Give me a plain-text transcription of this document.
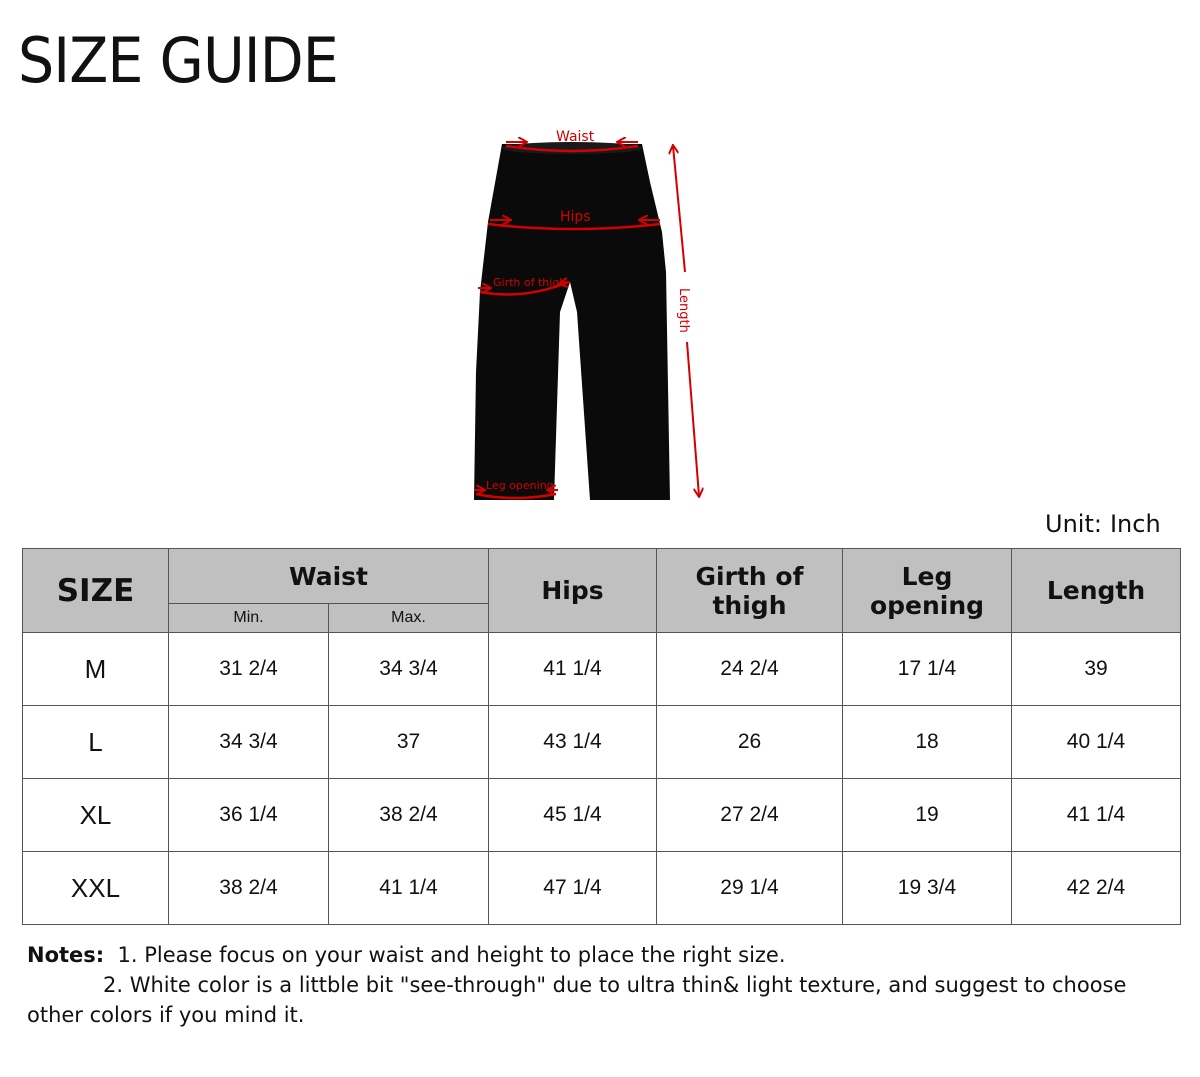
SIZE GUIDE
Waist
Hips
Girth of thigh
Leg opening
Length
Unit: Inch
SIZE	Waist		Hips	Girth of thigh	Leg opening	Length
	Min.	Max.				
M	31 2/4	34 3/4	41 1/4	24 2/4	17 1/4	39
L	34 3/4	37	43 1/4	26	18	40 1/4
XL	36 1/4	38 2/4	45 1/4	27 2/4	19	41 1/4
XXL	38 2/4	41 1/4	47 1/4	29 1/4	19 3/4	42 2/4
Notes: 1. Please focus on your waist and height to place the right size.
2. White color is a littble bit "see-through" due to ultra thin& light texture, and suggest to choose
other colors if you mind it.
